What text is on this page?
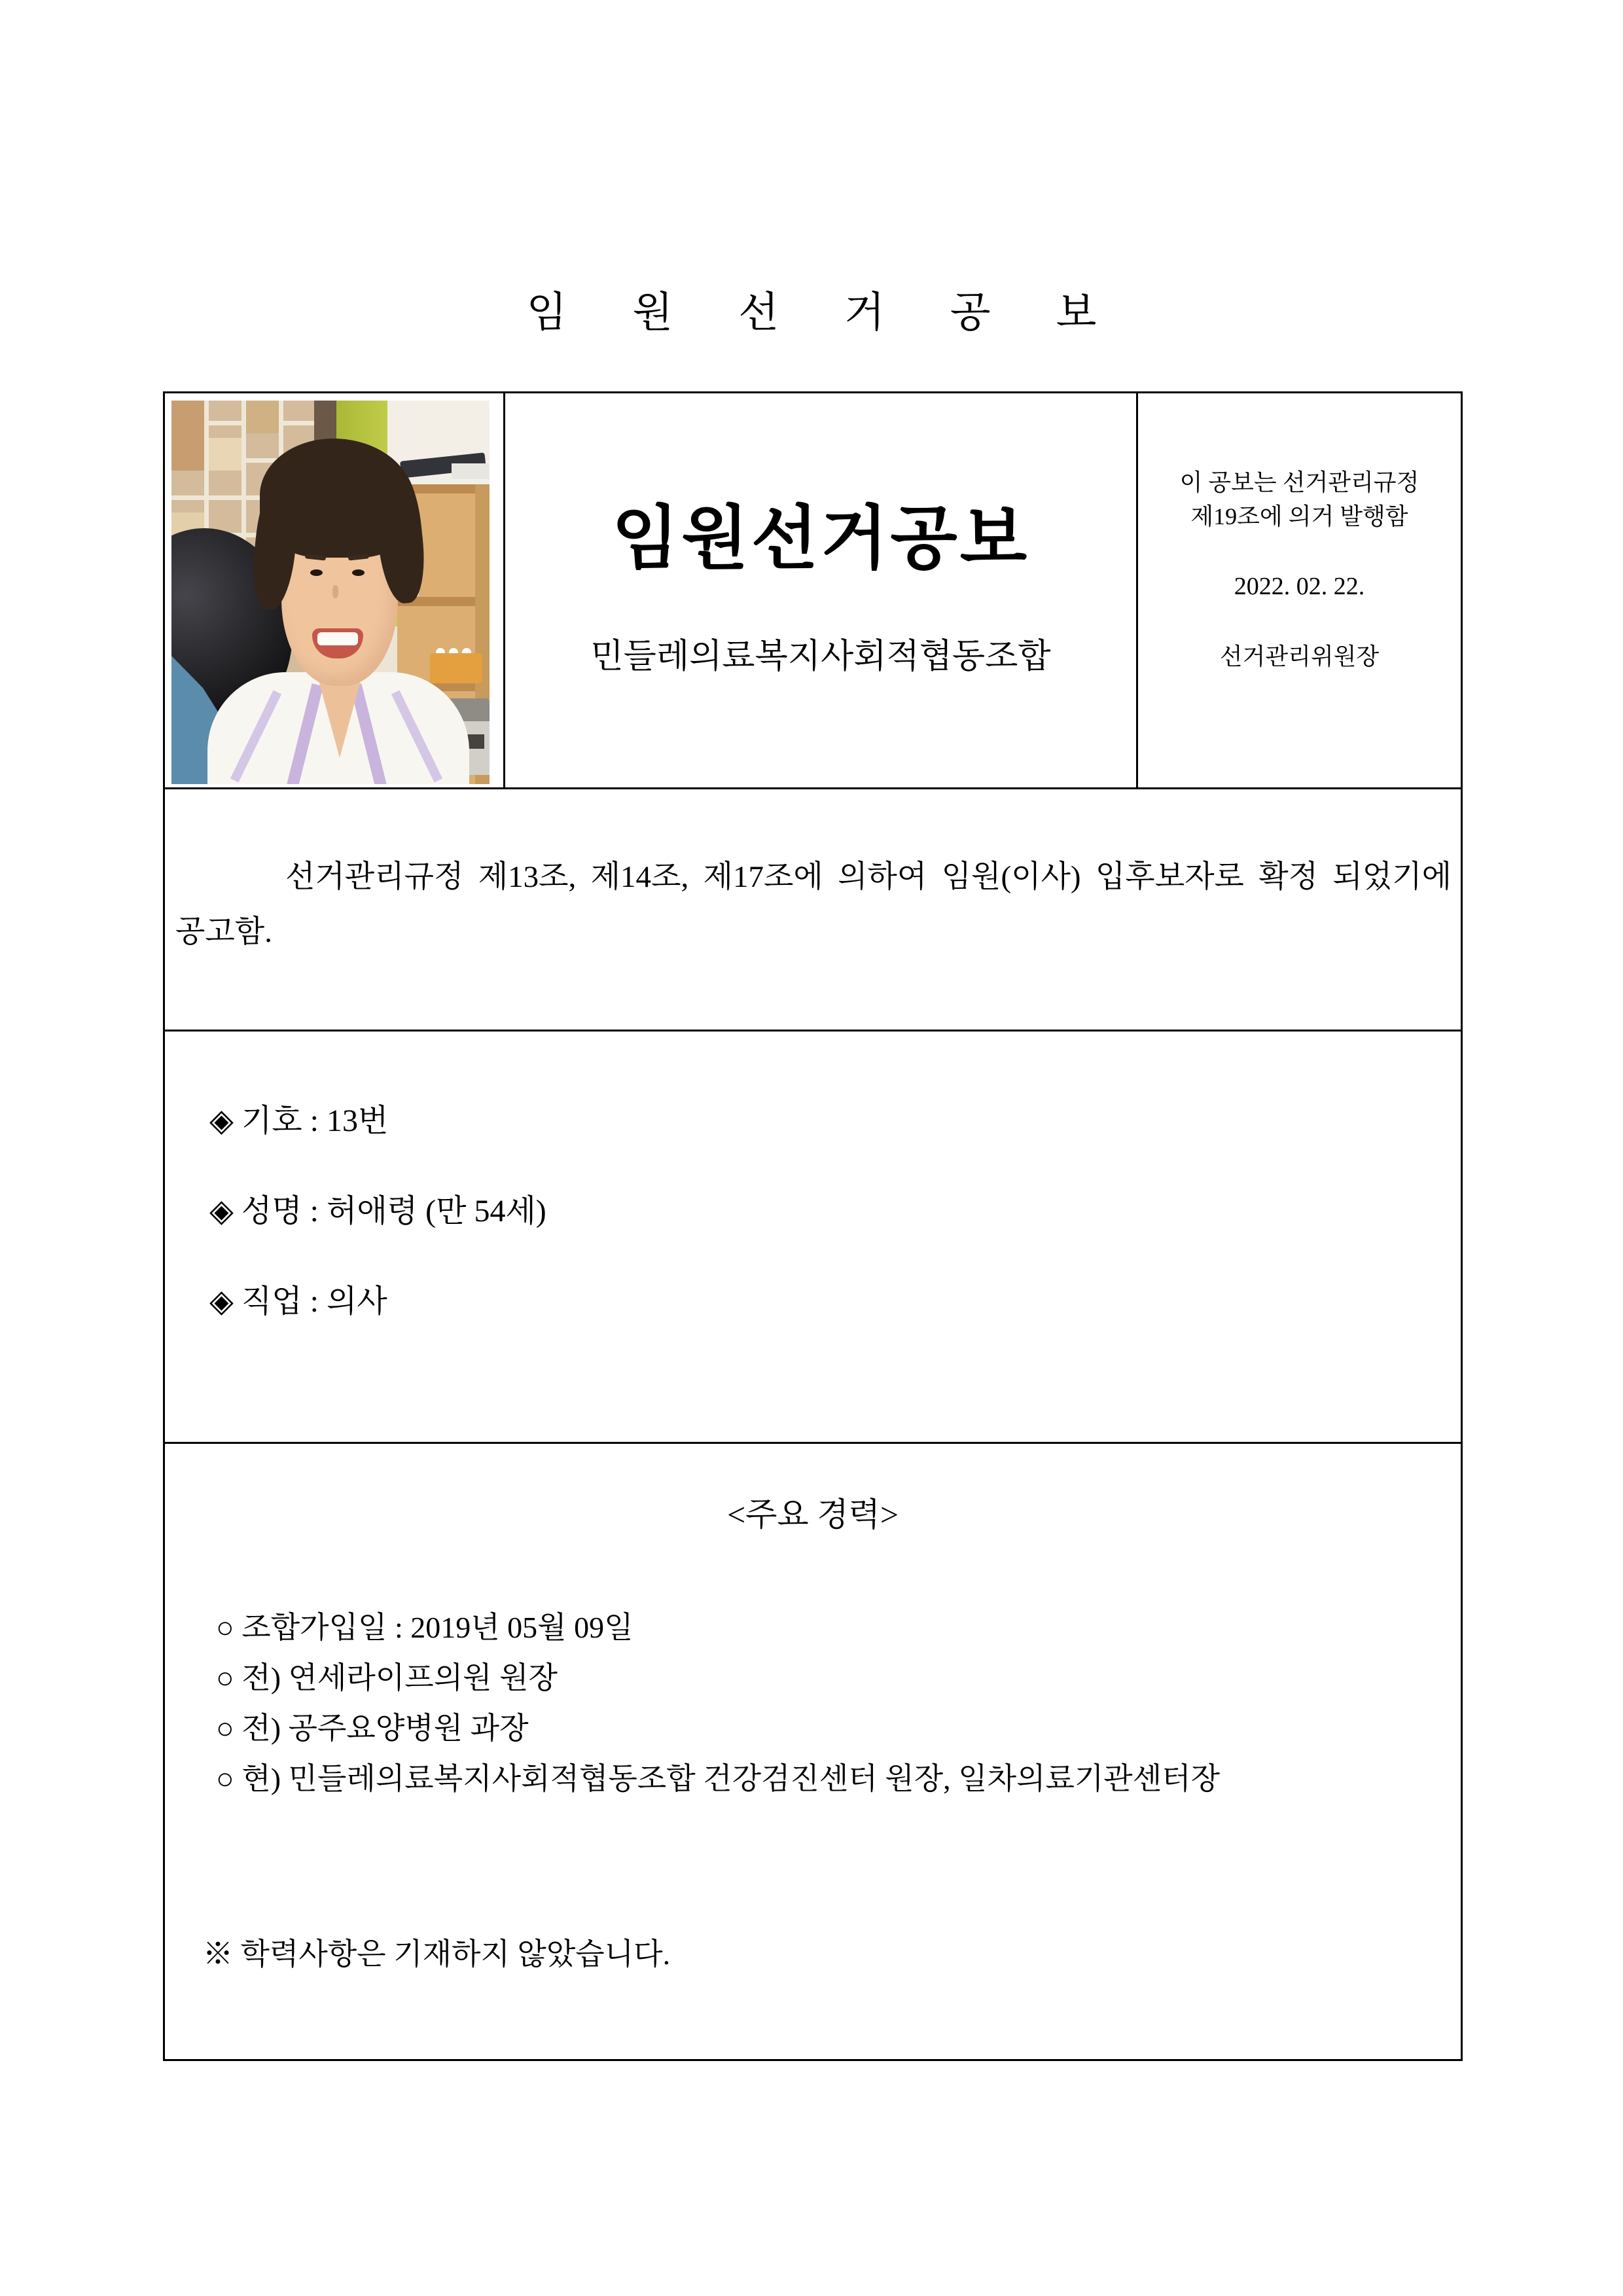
임 원 선 거 공 보
임원선거공보
민들레의료복지사회적협동조합
이 공보는 선거관리규정
제19조에 의거 발행함
2022. 02. 22.
선거관리위원장

선거관리규정 제13조, 제14조, 제17조에 의하여 임원(이사) 입후보자로 확정 되었기에 공고함.

◈ 기호 : 13번
◈ 성명 : 허애령 (만 54세)
◈ 직업 : 의사
<주요 경력>
○ 조합가입일 : 2019년 05월 09일
○ 전) 연세라이프의원 원장
○ 전) 공주요양병원 과장
○ 현) 민들레의료복지사회적협동조합 건강검진센터 원장, 일차의료기관센터장
※ 학력사항은 기재하지 않았습니다.
